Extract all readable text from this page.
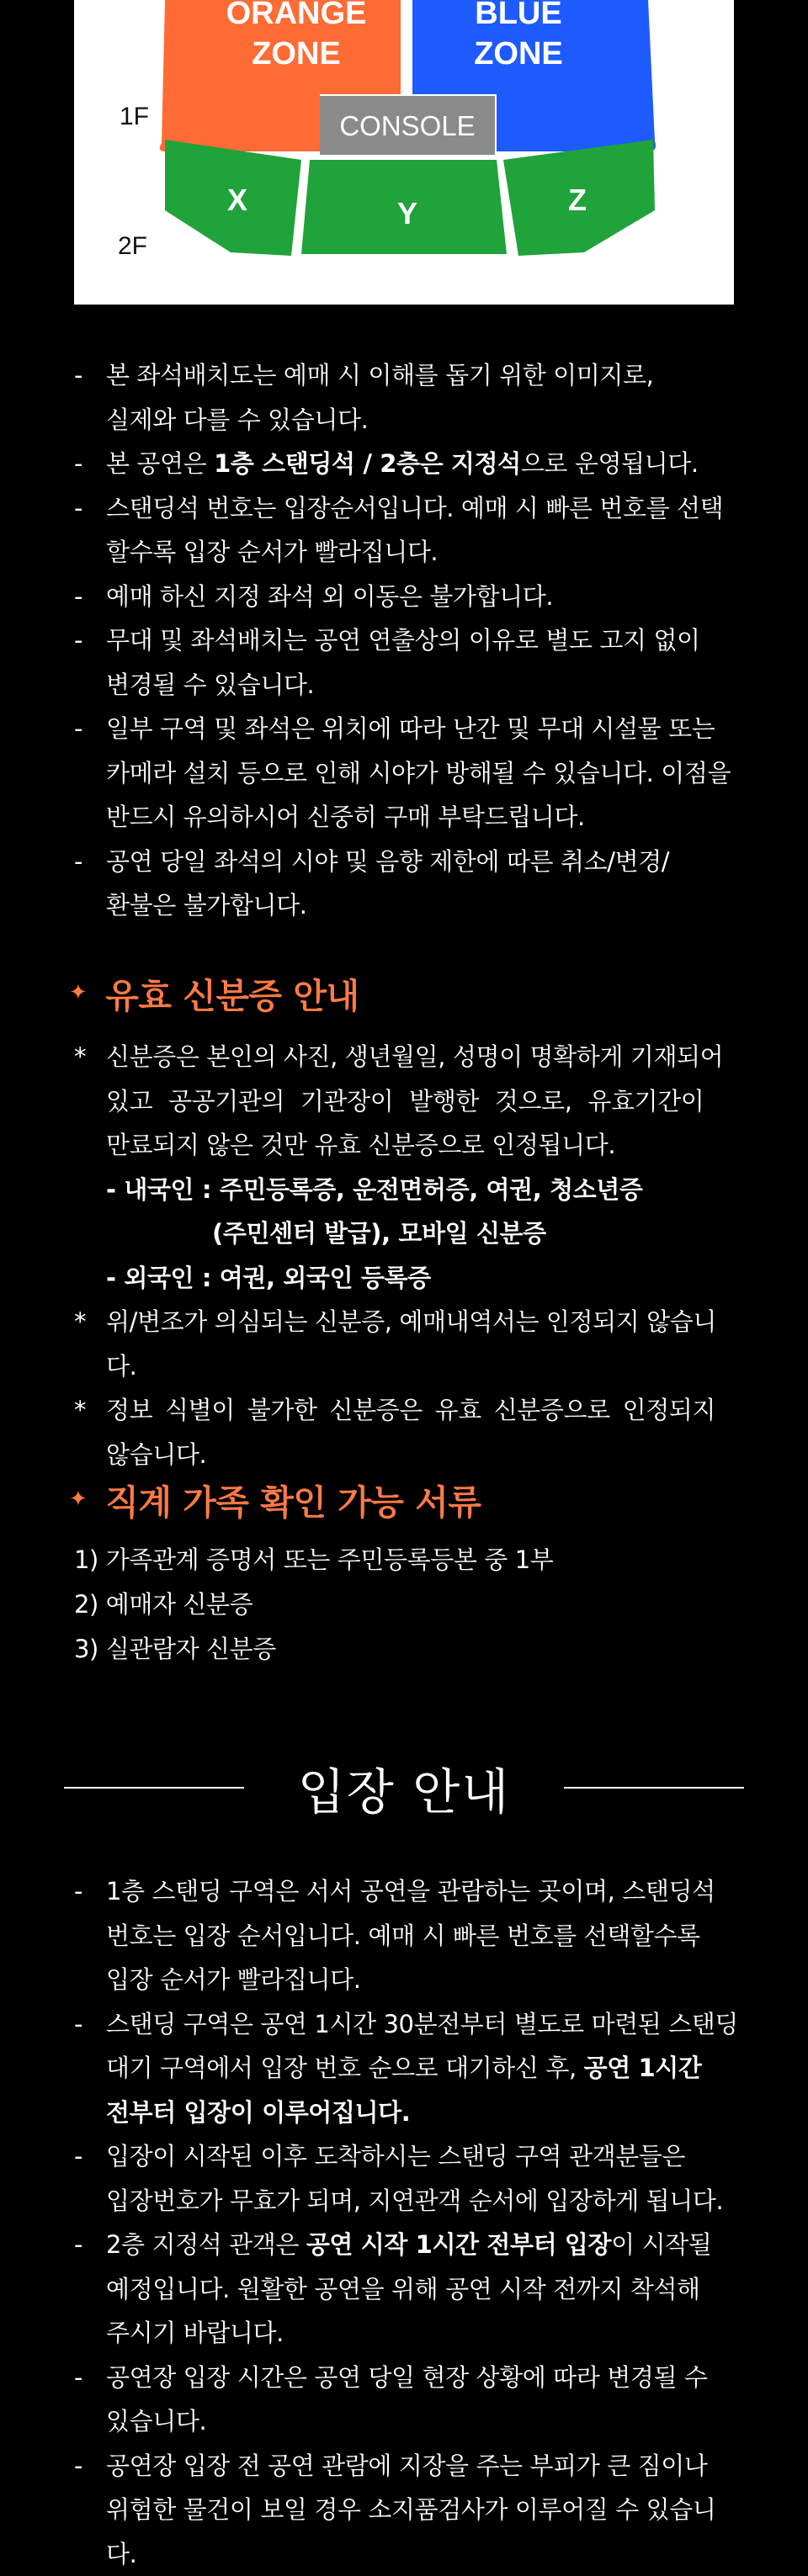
ORANGE
ZONE
BLUE
ZONE
CONSOLE
1F
2F
X	Y	Z
- 본 좌석배치도는 예매 시 이해를 돕기 위한 이미지로,
실제와 다를 수 있습니다.
- 본 공연은 1층 스탠딩석 / 2층은 지정석으로 운영됩니다.
- 스탠딩석 번호는 입장순서입니다. 예매 시 빠른 번호를 선택
할수록 입장 순서가 빨라집니다.
- 예매 하신 지정 좌석 외 이동은 불가합니다.
- 무대 및 좌석배치는 공연 연출상의 이유로 별도 고지 없이
변경될 수 있습니다.
- 일부 구역 및 좌석은 위치에 따라 난간 및 무대 시설물 또는
카메라 설치 등으로 인해 시야가 방해될 수 있습니다. 이점을
반드시 유의하시어 신중히 구매 부탁드립니다.
- 공연 당일 좌석의 시야 및 음향 제한에 따른 취소/변경/
환불은 불가합니다.
✦ 유효 신분증 안내
* 신분증은 본인의 사진, 생년월일, 성명이 명확하게 기재되어
있고 공공기관의 기관장이 발행한 것으로, 유효기간이
만료되지 않은 것만 유효 신분증으로 인정됩니다.
- 내국인 : 주민등록증, 운전면허증, 여권, 청소년증
(주민센터 발급), 모바일 신분증
- 외국인 : 여권, 외국인 등록증
* 위/변조가 의심되는 신분증, 예매내역서는 인정되지 않습니다.
* 정보 식별이 불가한 신분증은 유효 신분증으로 인정되지
않습니다.
✦ 직계 가족 확인 가능 서류
1) 가족관계 증명서 또는 주민등록등본 중 1부
2) 예매자 신분증
3) 실관람자 신분증
입장 안내
- 1층 스탠딩 구역은 서서 공연을 관람하는 곳이며, 스탠딩석
번호는 입장 순서입니다. 예매 시 빠른 번호를 선택할수록
입장 순서가 빨라집니다.
- 스탠딩 구역은 공연 1시간 30분전부터 별도로 마련된 스탠딩
대기 구역에서 입장 번호 순으로 대기하신 후, 공연 1시간
전부터 입장이 이루어집니다.
- 입장이 시작된 이후 도착하시는 스탠딩 구역 관객분들은
입장번호가 무효가 되며, 지연관객 순서에 입장하게 됩니다.
- 2층 지정석 관객은 공연 시작 1시간 전부터 입장이 시작될
예정입니다. 원활한 공연을 위해 공연 시작 전까지 착석해
주시기 바랍니다.
- 공연장 입장 시간은 공연 당일 현장 상황에 따라 변경될 수
있습니다.
- 공연장 입장 전 공연 관람에 지장을 주는 부피가 큰 짐이나
위험한 물건이 보일 경우 소지품검사가 이루어질 수 있습니다.
